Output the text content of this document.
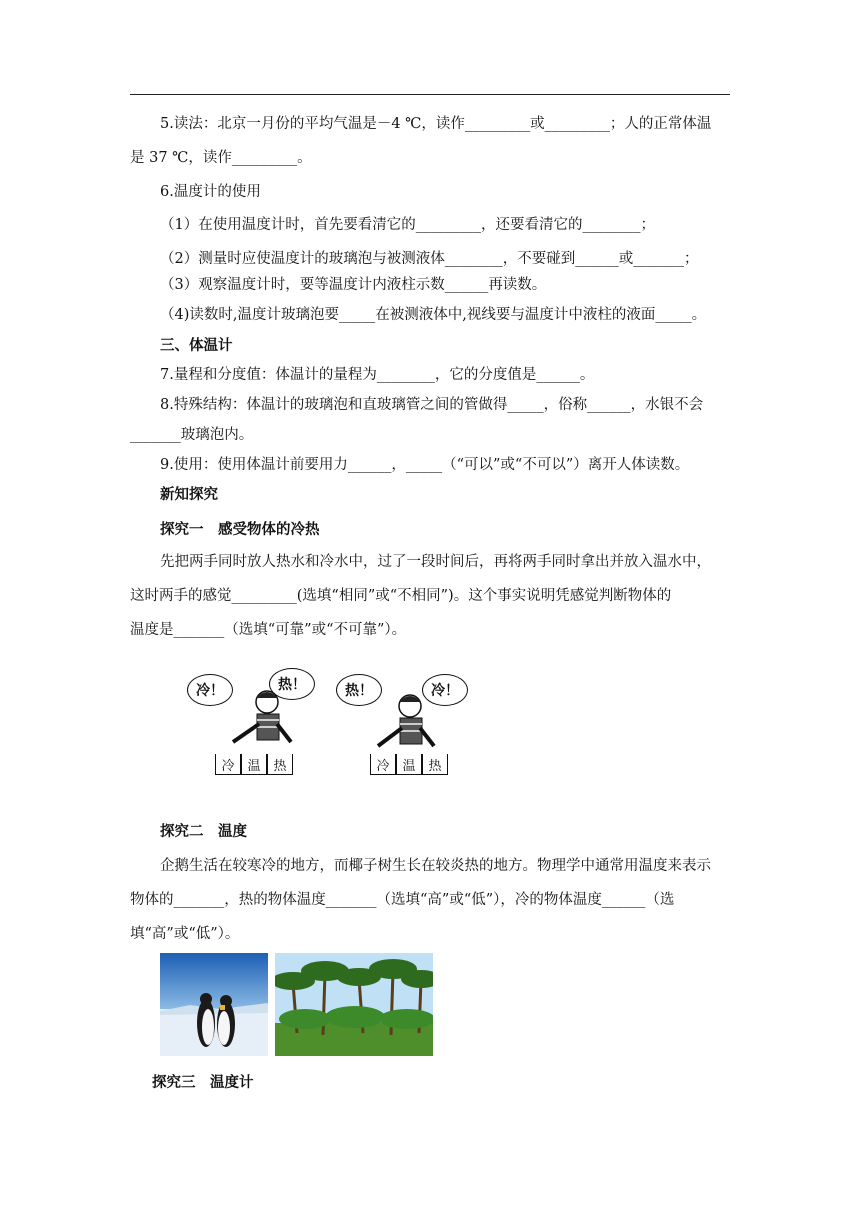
5.读法：北京一月份的平均气温是－4 ℃，读作_________或_________；人的正常体温
是 37 ℃，读作_________。
6.温度计的使用
（1）在使用温度计时，首先要看清它的_________，还要看清它的________；
（2）测量时应使温度计的玻璃泡与被测液体________，不要碰到______或_______；
（3）观察温度计时，要等温度计内液柱示数______再读数。
（4)读数时,温度计玻璃泡要_____在被测液体中,视线要与温度计中液柱的液面_____。
三、体温计
7.量程和分度值：体温计的量程为________，它的分度值是______。
8.特殊结构：体温计的玻璃泡和直玻璃管之间的管做得_____，俗称______，水银不会
_______玻璃泡内。
9.使用：使用体温计前要用力______，_____（“可以”或“不可以”）离开人体读数。
新知探究
探究一　感受物体的冷热
先把两手同时放人热水和冷水中，过了一段时间后，再将两手同时拿出并放入温水中，
这时两手的感觉_________(选填“相同”或“不相同”)。这个事实说明凭感觉判断物体的
温度是_______（选填“可靠”或“不可靠”）。
冷！	热！
冷 温 热
热！	冷！
冷 温 热
探究二　温度
企鹅生活在较寒冷的地方，而椰子树生长在较炎热的地方。物理学中通常用温度来表示
物体的_______，热的物体温度_______（选填“高”或“低”），冷的物体温度______（选
填“高”或“低”）。
探究三　温度计
